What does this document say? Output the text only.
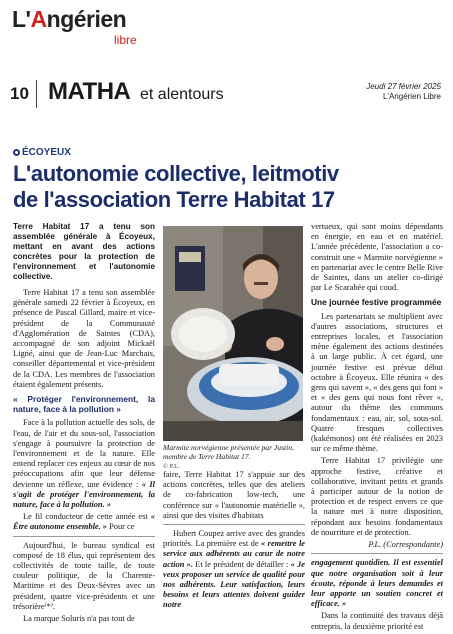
L'Angérien
libre
10 MATHA et alentours	Jeudi 27 février 2025
L'Angérien Libre
ÉCOYEUX
L'autonomie collective, leitmotiv
de l'association Terre Habitat 17

Terre Habitat 17 a tenu son assemblée générale à Écoyeux, mettant en avant des actions concrètes pour la protection de l'environnement et l'autonomie collective.

Terre Habitat 17 a tenu son assemblée générale samedi 22 février à Écoyeux, en présence de Pascal Gillard, maire et vice-président de la Communauté d'Agglomération de Saintes (CDA), accompagné de son adjoint Mickaël Ligné, ainsi que de Jean-Luc Marchais, conseiller départemental et vice-président de la CDA. Les membres de l'association étaient également présents.

« Protéger l'environnement, la nature, face à la pollution »

Face à la pollution actuelle des sols, de l'eau, de l'air et du sous-sol, l'association s'engage à poursuivre la protection de l'environnement et de la nature. Elle entend replacer ces enjeux au cœur de nos préoccupations afin que leur défense devienne un réflexe, une évidence : « Il s'agit de protéger l'environnement, la nature, face à la pollution. »

Le fil conducteur de cette année est « Être autonome ensemble. » Pour ce

Aujourd'hui, le bureau syndical est composé de 18 élus, qui représentent des collectivités de toute taille, de toute couleur politique, de la Charente-Maritime et des Deux-Sèvres avec un président, quatre vice-présidents et une trésorière⁽*⁾.

La marque Soluris n'a pas tout de

Marmite norvégienne présentée par Justin, membre de Terre Habitat 17.
© P.L.

faire, Terre Habitat 17 s'appuie sur des actions concrètes, telles que des ateliers de co-fabrication low-tech, une conférence sur « l'autonomie matérielle », ainsi que des visites d'habitats

Hubert Coupez arrive avec des grandes priorités. La première est de « remettre le service aux adhérents au cœur de notre action ». Et le président de détailler : « Je veux proposer un service de qualité pour nos adhérents. Leur satisfaction, leurs besoins et leurs attentes doivent guider notre

vertueux, qui sont moins dépendants en énergie, en eau et en matériel. L'année précédente, l'association a co-construit une « Marmite norvégienne » en partenariat avec le centre Belle Rive de Saintes, dans un atelier co-dirigé par Le Scarabée qui coud.

Une journée festive programmée

Les partenariats se multiplient avec d'autres associations, structures et entreprises locales, et l'association mène également des actions destinées à un large public. À cet égard, une journée festive est prévue début octobre à Écoyeux. Elle réunira « des gens qui savent », « des gens qui font » et « des gens qui nous font rêver », autour du thème des communs fondamentaux : eau, air, sol, sous-sol. Quatre fresques collectives (kakémonos) ont été réalisées en 2023 sur ce même thème.

Terre Habitat 17 privilégie une approche festive, créative et collaborative, invitant petits et grands à participer autour de la notion de protection et de respect envers ce que la nature met à notre disposition, répondant aux besoins fondamentaux de nourriture et de protection.

P.L. (Correspondante)

engagement quotidien. Il est essentiel que notre organisation soit à leur écoute, réponde à leurs demandes et leur apporte un soutien concret et efficace. »

Dans la continuité des travaux déjà entrepris, la deuxième priorité est
